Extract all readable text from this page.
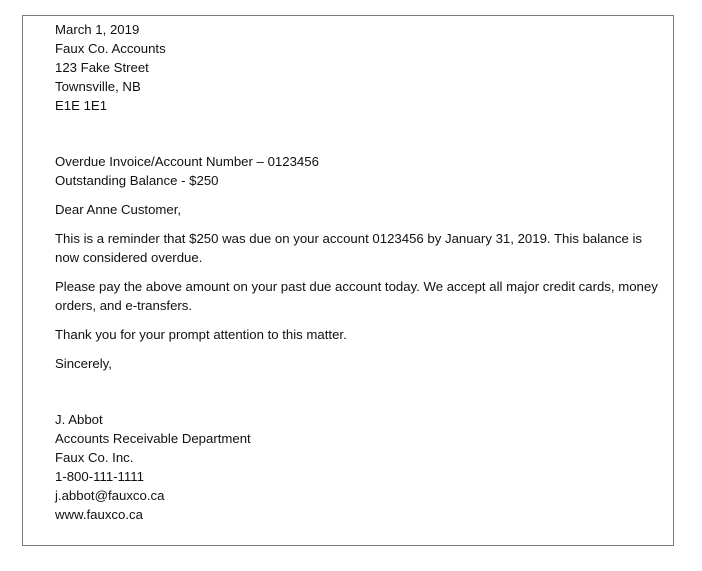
March 1, 2019
Faux Co. Accounts
123 Fake Street
Townsville, NB
E1E 1E1
Overdue Invoice/Account Number – 0123456
Outstanding Balance - $250

Dear Anne Customer,

This is a reminder that $250 was due on your account 0123456 by January 31, 2019. This balance is now considered overdue.

Please pay the above amount on your past due account today. We accept all major credit cards, money orders, and e-transfers.

Thank you for your prompt attention to this matter.

Sincerely,

J. Abbot
Accounts Receivable Department
Faux Co. Inc.
1-800-111-1111
j.abbot@fauxco.ca
www.fauxco.ca
